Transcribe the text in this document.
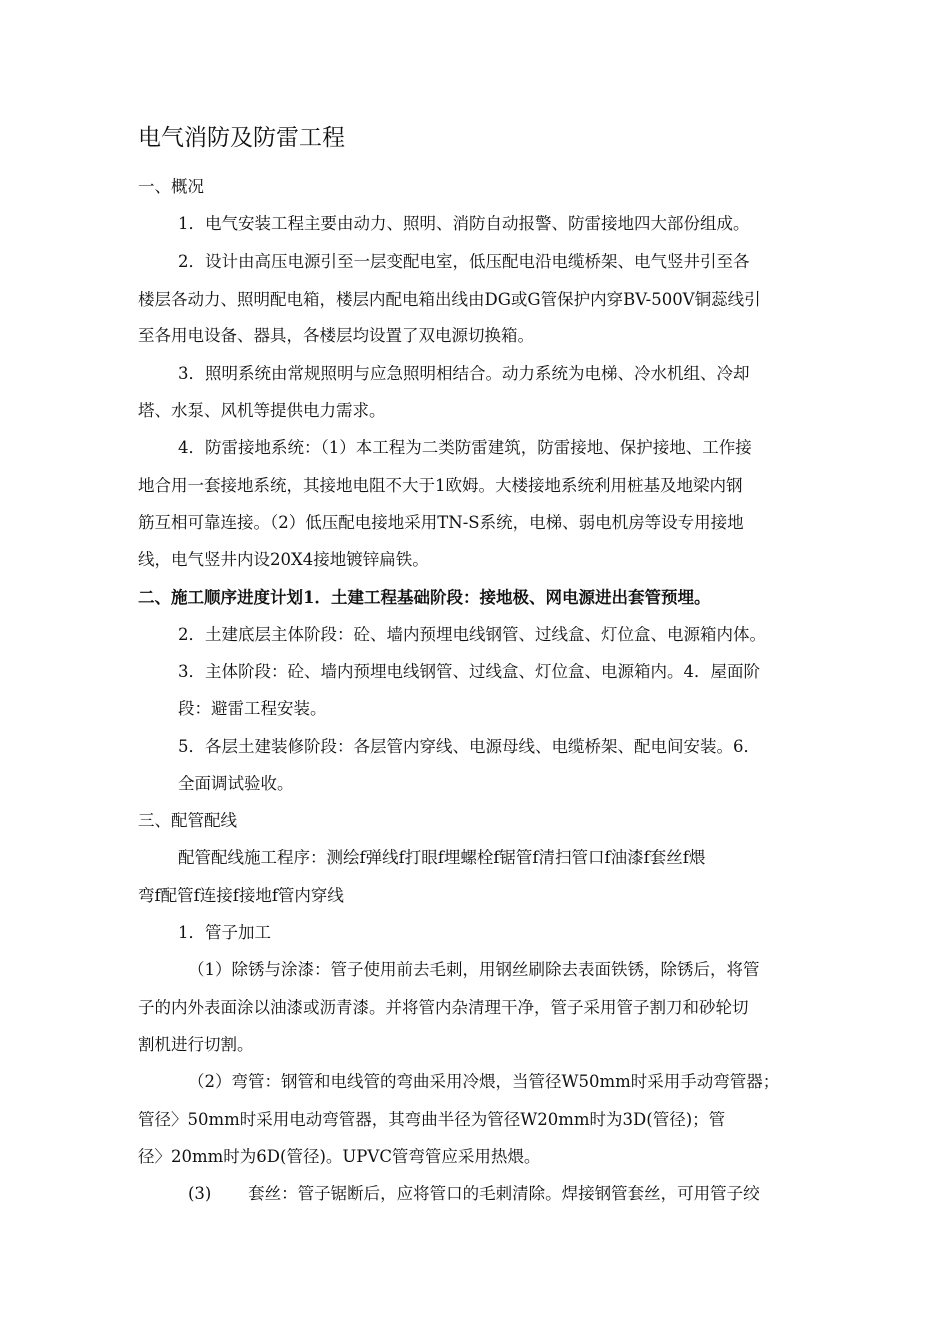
电气消防及防雷工程

一、概况

1．电气安装工程主要由动力、照明、消防自动报警、防雷接地四大部份组成。

2．设计由高压电源引至一层变配电室，低压配电沿电缆桥架、电气竖井引至各

楼层各动力、照明配电箱，楼层内配电箱出线由DG或G管保护内穿BV-500V铜蕊线引

至各用电设备、器具，各楼层均设置了双电源切换箱。

3．照明系统由常规照明与应急照明相结合。动力系统为电梯、冷水机组、冷却

塔、水泵、风机等提供电力需求。

4．防雷接地系统：（1）本工程为二类防雷建筑，防雷接地、保护接地、工作接

地合用一套接地系统，其接地电阻不大于1欧姆。大楼接地系统利用桩基及地梁内钢

筋互相可靠连接。（2）低压配电接地采用TN-S系统，电梯、弱电机房等设专用接地

线，电气竖井内设20X4接地镀锌扁铁。

二、施工顺序进度计划1．土建工程基础阶段：接地极、网电源进出套管预埋。

2．土建底层主体阶段：砼、墙内预埋电线钢管、过线盒、灯位盒、电源箱内体。

3．主体阶段：砼、墙内预埋电线钢管、过线盒、灯位盒、电源箱内。4．屋面阶

段：避雷工程安装。

5．各层土建装修阶段：各层管内穿线、电源母线、电缆桥架、配电间安装。6．

全面调试验收。

三、配管配线

配管配线施工程序：测绘f弹线f打眼f埋螺栓f锯管f清扫管口f油漆f套丝f煨

弯f配管f连接f接地f管内穿线

1．管子加工

（1）除锈与涂漆：管子使用前去毛刺，用钢丝刷除去表面铁锈，除锈后，将管

子的内外表面涂以油漆或沥青漆。并将管内杂清理干净，管子采用管子割刀和砂轮切

割机进行切割。

（2）弯管：钢管和电线管的弯曲采用冷煨，当管径W50mm时采用手动弯管器；

管径〉50mm时采用电动弯管器，其弯曲半径为管径W20mm时为3D(管径)；管

径〉20mm时为6D(管径)。UPVC管弯管应采用热煨。

(3)       套丝：管子锯断后，应将管口的毛刺清除。焊接钢管套丝，可用管子绞
